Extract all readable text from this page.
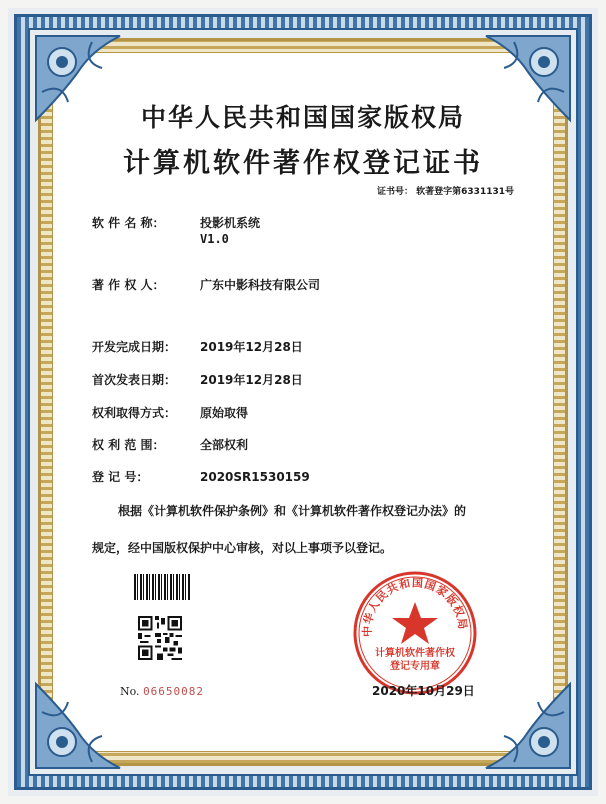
中华人民共和国国家版权局
计算机软件著作权登记证书
证书号： 软著登字第6331131号
软 件 名 称：	投影机系统
V1.0
著 作 权 人：	广东中影科技有限公司
开发完成日期： 2019年12月28日
首次发表日期： 2019年12月28日
权利取得方式： 原始取得
权 利 范 围：	全部权利
登 记 号：	2020SR1530159
根据《计算机软件保护条例》和《计算机软件著作权登记办法》的
规定，经中国版权保护中心审核，对以上事项予以登记。
No. 06650082
中华人民共和国国家版权局
计算机软件著作权
登记专用章
2020年10月29日
